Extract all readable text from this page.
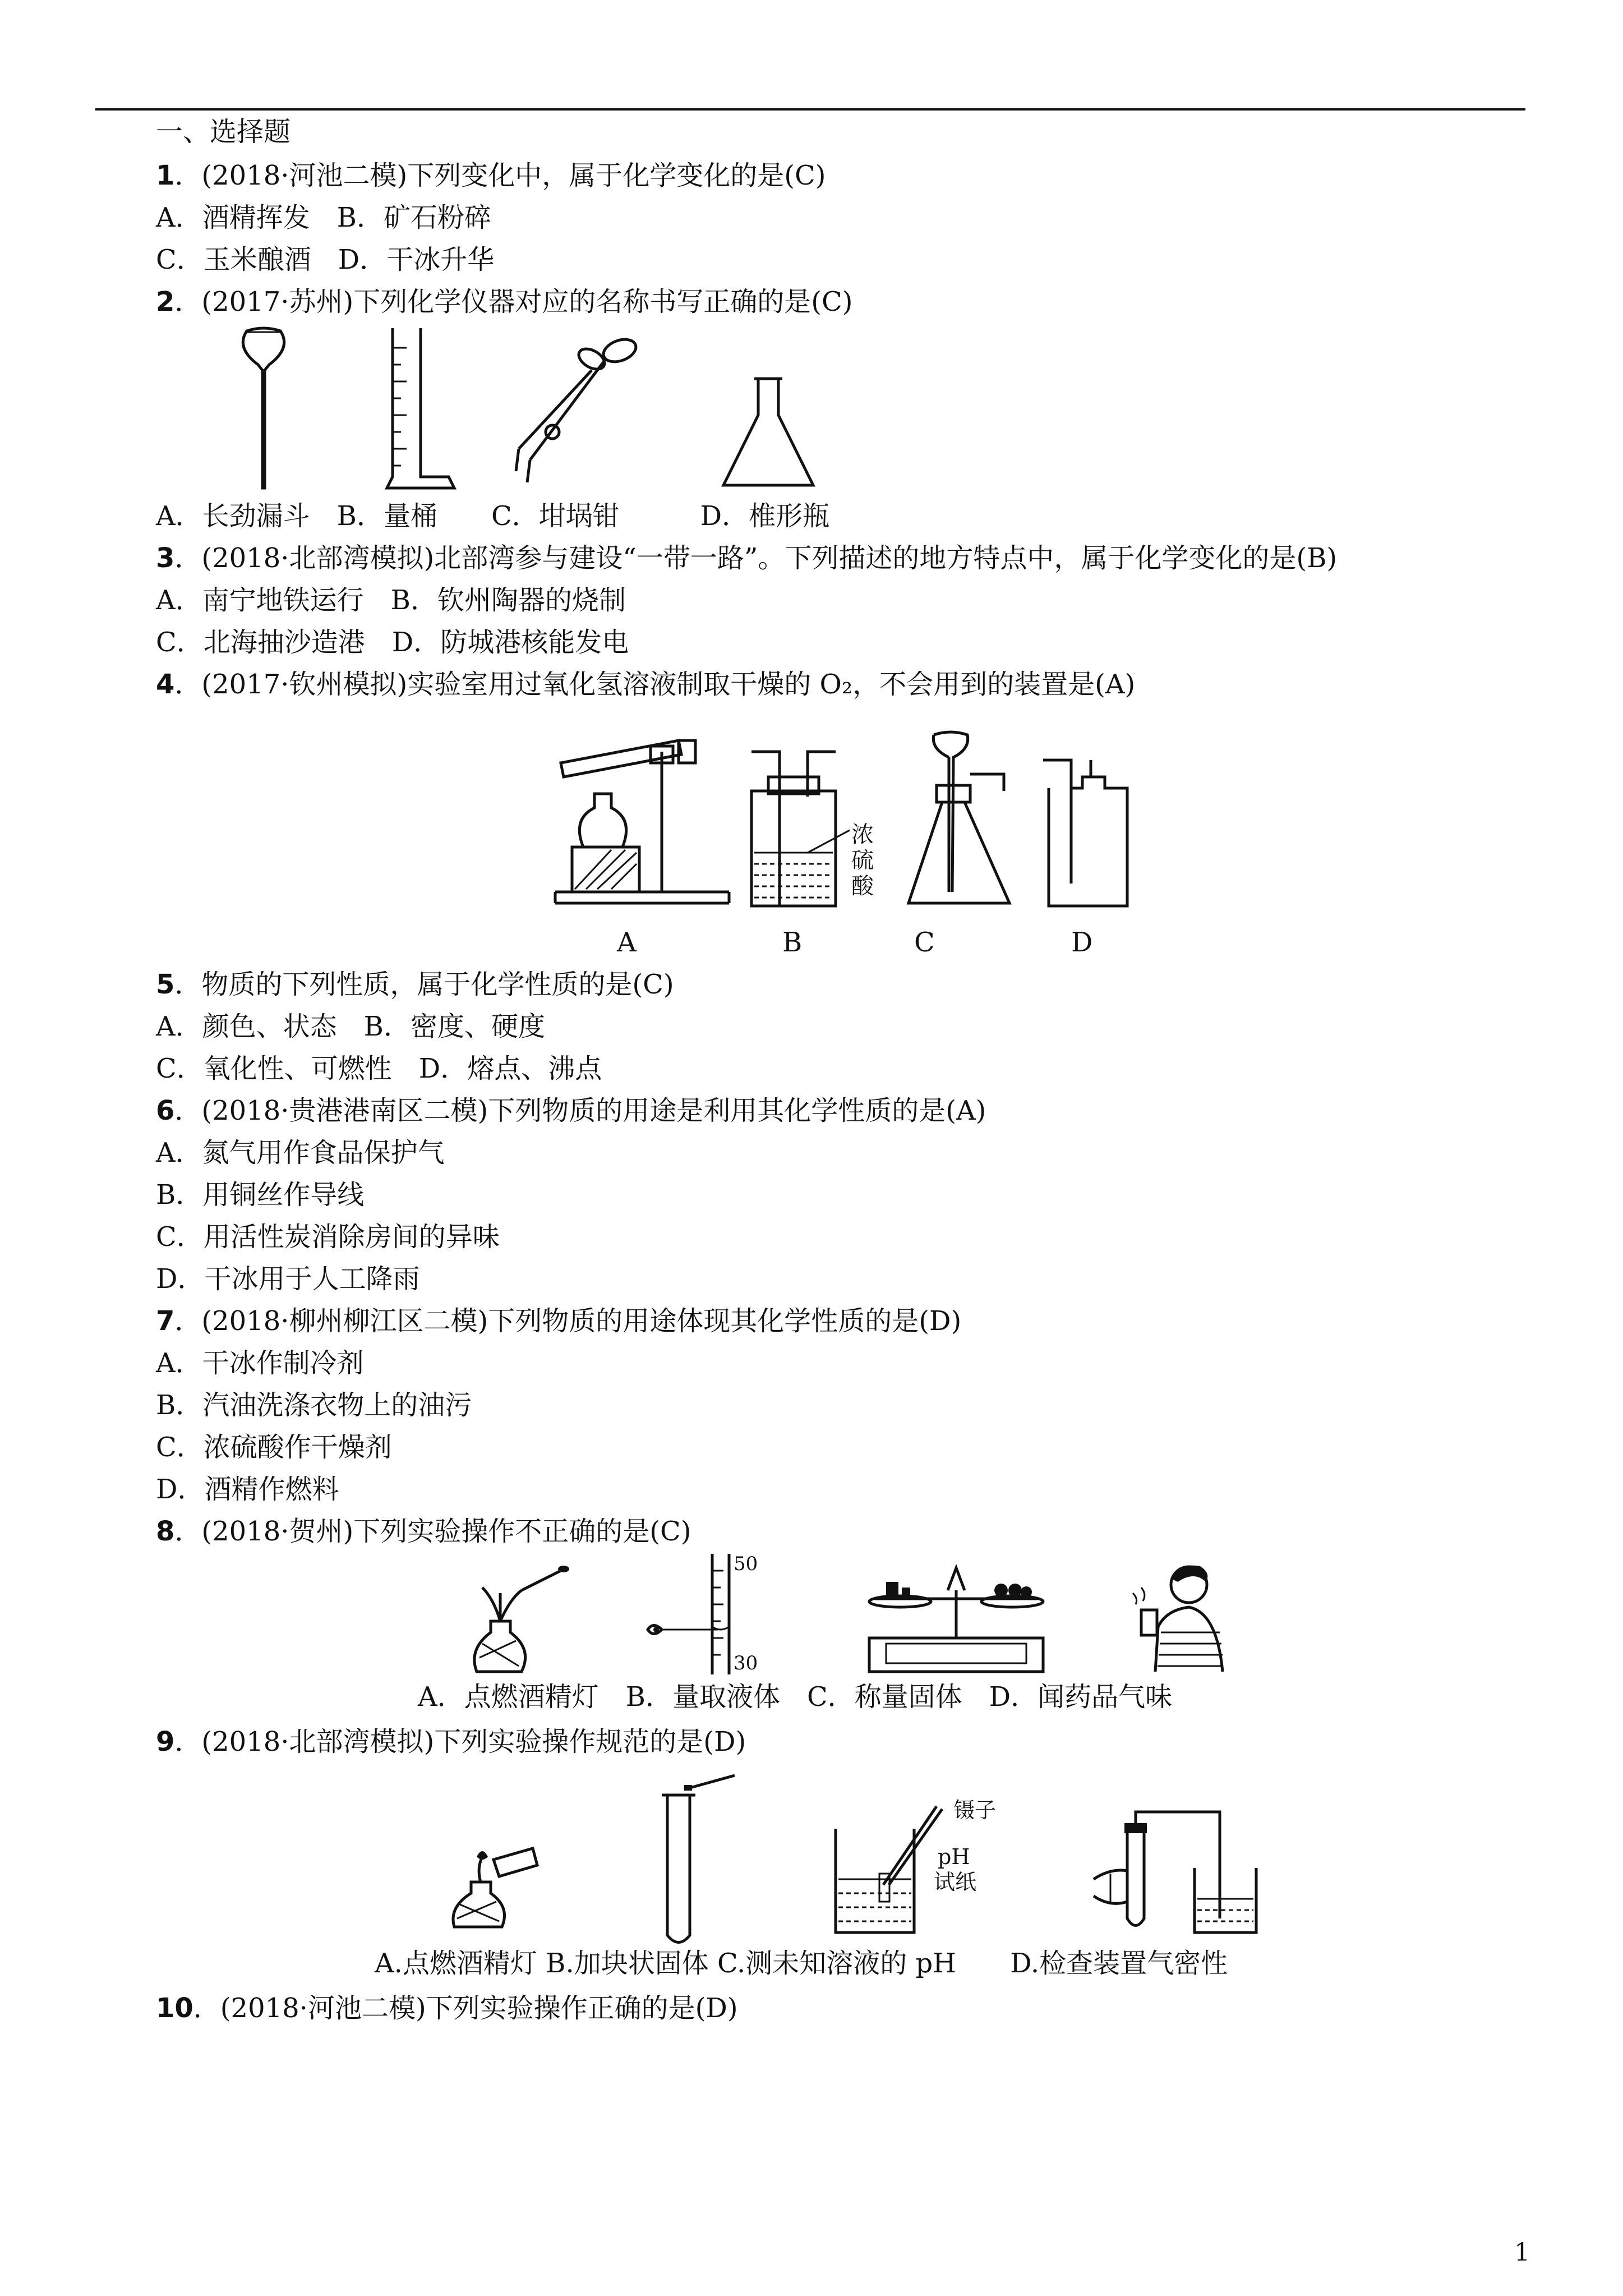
一、选择题
1．(2018·河池二模)下列变化中，属于化学变化的是(C)
A．酒精挥发　B．矿石粉碎
C．玉米酿酒　D．干冰升华
2．(2017·苏州)下列化学仪器对应的名称书写正确的是(C)
A．长劲漏斗　B．量桶　　C．坩埚钳　　　D．椎形瓶
3．(2018·北部湾模拟)北部湾参与建设“一带一路”。下列描述的地方特点中，属于化学变化的是(B)
A．南宁地铁运行　B．钦州陶器的烧制
C．北海抽沙造港　D．防城港核能发电
4．(2017·钦州模拟)实验室用过氧化氢溶液制取干燥的 O₂，不会用到的装置是(A)
浓
硫
酸
A	B	C	D
5．物质的下列性质，属于化学性质的是(C)
A．颜色、状态　B．密度、硬度
C．氧化性、可燃性　D．熔点、沸点
6．(2018·贵港港南区二模)下列物质的用途是利用其化学性质的是(A)
A．氮气用作食品保护气
B．用铜丝作导线
C．用活性炭消除房间的异味
D．干冰用于人工降雨
7．(2018·柳州柳江区二模)下列物质的用途体现其化学性质的是(D)
A．干冰作制冷剂
B．汽油洗涤衣物上的油污
C．浓硫酸作干燥剂
D．酒精作燃料
8．(2018·贺州)下列实验操作不正确的是(C)
50
30
A．点燃酒精灯　B．量取液体　C．称量固体　D．闻药品气味
9．(2018·北部湾模拟)下列实验操作规范的是(D)
镊子
pH
试纸
A.点燃酒精灯 B.加块状固体 C.测未知溶液的 pH　　D.检查装置气密性
10．(2018·河池二模)下列实验操作正确的是(D)
1
